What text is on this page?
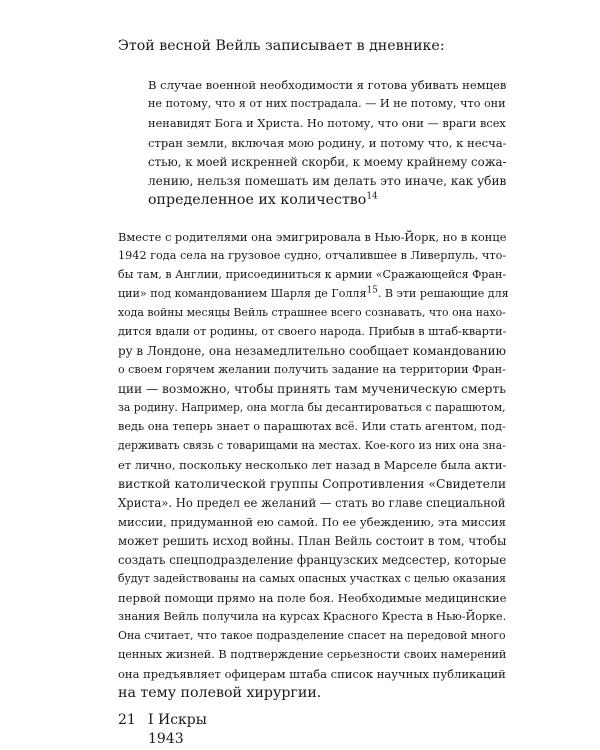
Этой весной Вейль записывает в дневнике:

В случае военной необходимости я готова убивать немцев

не потому, что я от них пострадала. — И не потому, что они

ненавидят Бога и Христа. Но потому, что они — враги всех

стран земли, включая мою родину, и потому что, к несча-

стью, к моей искренней скорби, к моему крайнему сожа-

лению, нельзя помешать им делать это иначе, как убив

определенное их количество$^{14}$

Вместе с родителями она эмигрировала в Нью-Йорк, но в конце

1942 года села на грузовое судно, отчалившее в Ливерпуль, что-

бы там, в Англии, присоединиться к армии «Сражающейся Фран-

ции» под командованием Шарля де Голля$^{15}$. В эти решающие для

хода войны месяцы Вейль страшнее всего сознавать, что она нахо-

дится вдали от родины, от своего народа. Прибыв в штаб-кварти-

ру в Лондоне, она незамедлительно сообщает командованию

о своем горячем желании получить задание на территории Фран-

ции — возможно, чтобы принять там мученическую смерть

за родину. Например, она могла бы десантироваться с парашютом,

ведь она теперь знает о парашютах всё. Или стать агентом, под-

держивать связь с товарищами на местах. Кое-кого из них она зна-

ет лично, поскольку несколько лет назад в Марселе была акти-

висткой католической группы Сопротивления «Свидетели

Христа». Но предел ее желаний — стать во главе специальной

миссии, придуманной ею самой. По ее убеждению, эта миссия

может решить исход войны. План Вейль состоит в том, чтобы

создать спецподразделение французских медсестер, которые

будут задействованы на самых опасных участках с целью оказания

первой помощи прямо на поле боя. Необходимые медицинские

знания Вейль получила на курсах Красного Креста в Нью-Йорке.

Она считает, что такое подразделение спасет на передовой много

ценных жизней. В подтверждение серьезности своих намерений

она предъявляет офицерам штаба список научных публикаций

на тему полевой хирургии.

21 I Искры
1943
